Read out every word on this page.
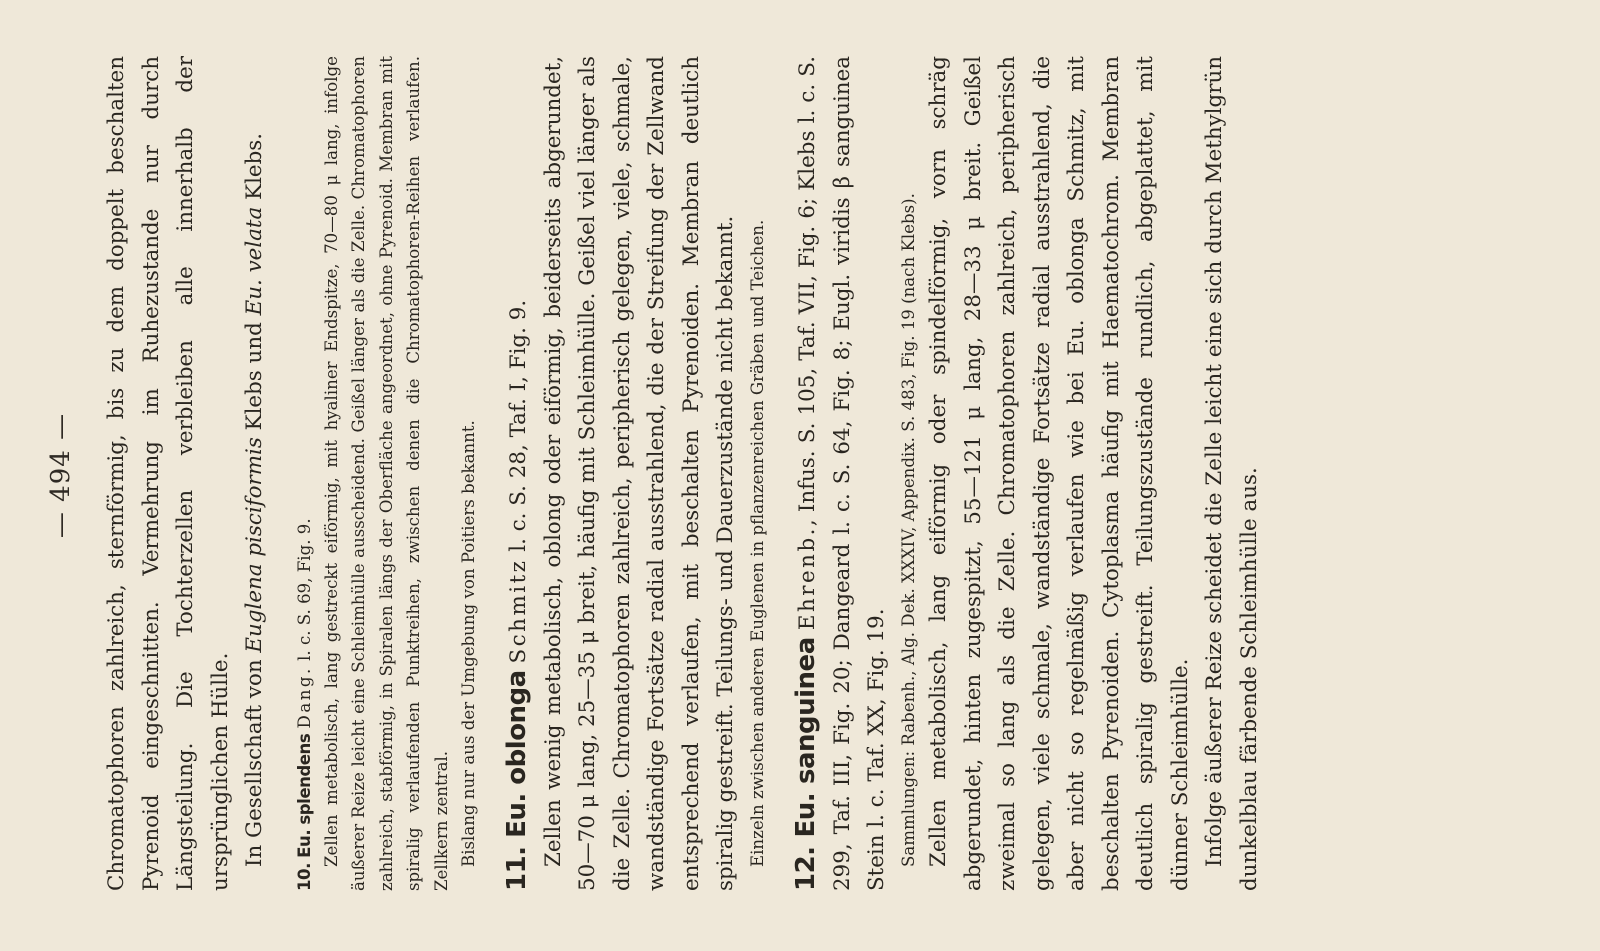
— 494 — Chromatophoren zahlreich, sternförmig, bis zu dem doppelt beschalten Pyrenoid eingeschnitten. Vermehrung im Ruhezustande nur durch Längsteilung. Die Tochterzellen verbleiben alle innerhalb der ursprünglichen Hülle. In Gesellschaft von Euglena pisciformis Klebs und Eu. velata Klebs.

10. Eu. splendens Dang. l. c. S. 69, Fig. 9. Zellen metabolisch, lang gestreckt eiförmig, mit hyaliner Endspitze, 70—80 μ lang, infolge äußerer Reize leicht eine Schleimhülle ausscheidend. Geißel länger als die Zelle. Chromatophoren zahlreich, stabförmig, in Spiralen längs der Oberfläche angeordnet, ohne Pyrenoid. Membran mit spiralig verlaufenden Punktreihen, zwischen denen die Chromatophoren-Reihen verlaufen. Zellkern zentral. Bislang nur aus der Umgebung von Poitiers bekannt. 11. Eu. oblonga Schmitz l. c. S. 28, Taf. I, Fig. 9. Zellen wenig metabolisch, oblong oder eiförmig, beiderseits abgerundet, 50—70 μ lang, 25—35 μ breit, häufig mit Schleimhülle. Geißel viel länger als die Zelle. Chromatophoren zahlreich, peripherisch gelegen, viele, schmale, wandständige Fortsätze radial ausstrahlend, die der Streifung der Zellwand entsprechend verlaufen, mit beschalten Pyrenoiden. Membran deutlich spiralig gestreift. Teilungs- und Dauerzustände nicht bekannt. Einzeln zwischen anderen Euglenen in pflanzenreichen Gräben und Teichen. 12. Eu. sanguinea Ehrenb., Infus. S. 105, Taf. VII, Fig. 6; Klebs l. c. S. 299, Taf. III, Fig. 20; Dangeard l. c. S. 64, Fig. 8; Eugl. viridis β sanguinea Stein l. c. Taf. XX, Fig. 19. Sammlungen: Rabenh., Alg. Dek. XXXIV, Appendix. S. 483, Fig. 19 (nach Klebs). Zellen metabolisch, lang eiförmig oder spindelförmig, vorn schräg abgerundet, hinten zugespitzt, 55—121 μ lang, 28—33 μ breit. Geißel zweimal so lang als die Zelle. Chromatophoren zahlreich, peripherisch gelegen, viele schmale, wandständige Fortsätze radial ausstrahlend, die aber nicht so regelmäßig verlaufen wie bei Eu. oblonga Schmitz, mit beschalten Pyrenoiden. Cytoplasma häufig mit Haematochrom. Membran deutlich spiralig gestreift. Teilungszustände rundlich, abgeplattet, mit dünner Schleimhülle. Infolge äußerer Reize scheidet die Zelle leicht eine sich durch Methylgrün dunkelblau färbende Schleimhülle aus.
